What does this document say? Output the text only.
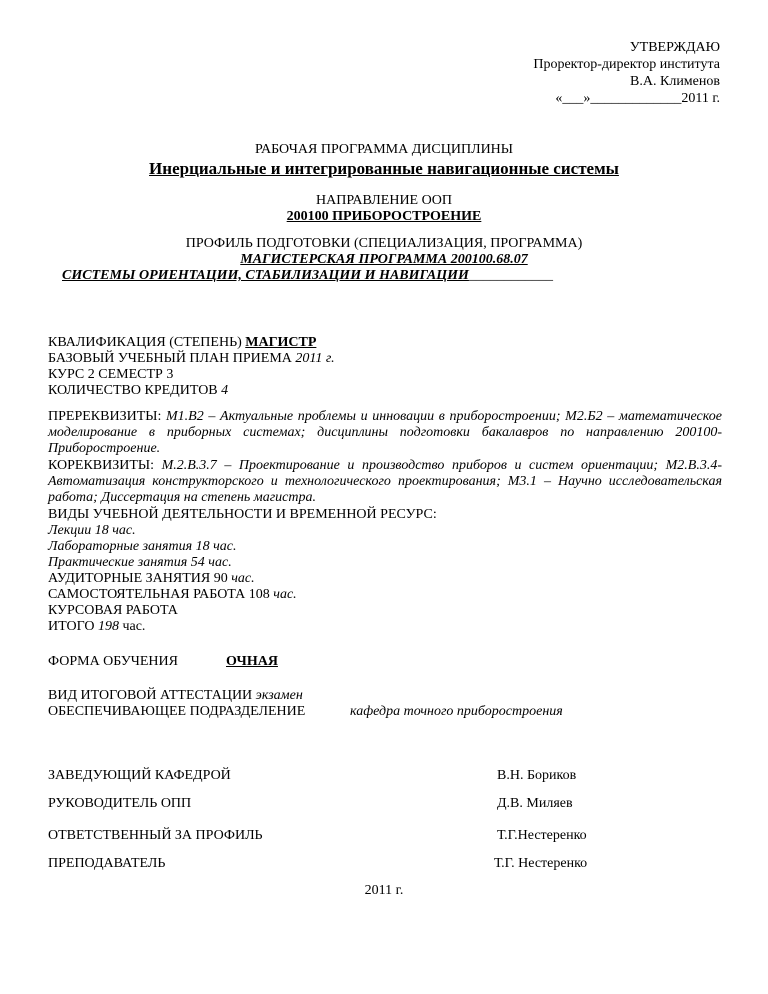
УТВЕРЖДАЮ
Проректор-директор института
В.А. Клименов
«___»_____________2011 г.
РАБОЧАЯ ПРОГРАММА ДИСЦИПЛИНЫ
Инерциальные и интегрированные навигационные системы
НАПРАВЛЕНИЕ ООП
200100 ПРИБОРОСТРОЕНИЕ
ПРОФИЛЬ ПОДГОТОВКИ (СПЕЦИАЛИЗАЦИЯ, ПРОГРАММА)
МАГИСТЕРСКАЯ ПРОГРАММА 200100.68.07
СИСТЕМЫ ОРИЕНТАЦИИ, СТАБИЛИЗАЦИИ И НАВИГАЦИИ____________
КВАЛИФИКАЦИЯ (СТЕПЕНЬ) МАГИСТР
БАЗОВЫЙ УЧЕБНЫЙ ПЛАН ПРИЕМА 2011 г.
КУРС 2 СЕМЕСТР 3
КОЛИЧЕСТВО КРЕДИТОВ 4
ПРЕРЕКВИЗИТЫ: М1.В2 – Актуальные проблемы и инновации в приборостроении; М2.Б2 – математическое моделирование в приборных системах; дисциплины подготовки бакалавров по направлению 200100- Приборостроение.
КОРЕКВИЗИТЫ: М.2.В.3.7 – Проектирование и производство приборов и систем ориентации; М2.В.3.4- Автоматизация конструкторского и технологического проектирования; М3.1 – Научно исследовательская работа; Диссертация на степень магистра.
ВИДЫ УЧЕБНОЙ ДЕЯТЕЛЬНОСТИ И ВРЕМЕННОЙ РЕСУРС:
Лекции 18 час.
Лабораторные занятия 18 час.
Практические занятия 54 час.
АУДИТОРНЫЕ ЗАНЯТИЯ 90 час.
САМОСТОЯТЕЛЬНАЯ РАБОТА 108 час.
КУРСОВАЯ РАБОТА
ИТОГО 198 час.
ФОРМА ОБУЧЕНИЯ	ОЧНАЯ
ВИД ИТОГОВОЙ АТТЕСТАЦИИ экзамен
ОБЕСПЕЧИВАЮЩЕЕ ПОДРАЗДЕЛЕНИЕ	кафедра точного приборостроения
ЗАВЕДУЮЩИЙ КАФЕДРОЙ	В.Н. Бориков
РУКОВОДИТЕЛЬ ОПП	Д.В. Миляев
ОТВЕТСТВЕННЫЙ ЗА ПРОФИЛЬ	Т.Г.Нестеренко
ПРЕПОДАВАТЕЛЬ	Т.Г. Нестеренко
2011 г.
